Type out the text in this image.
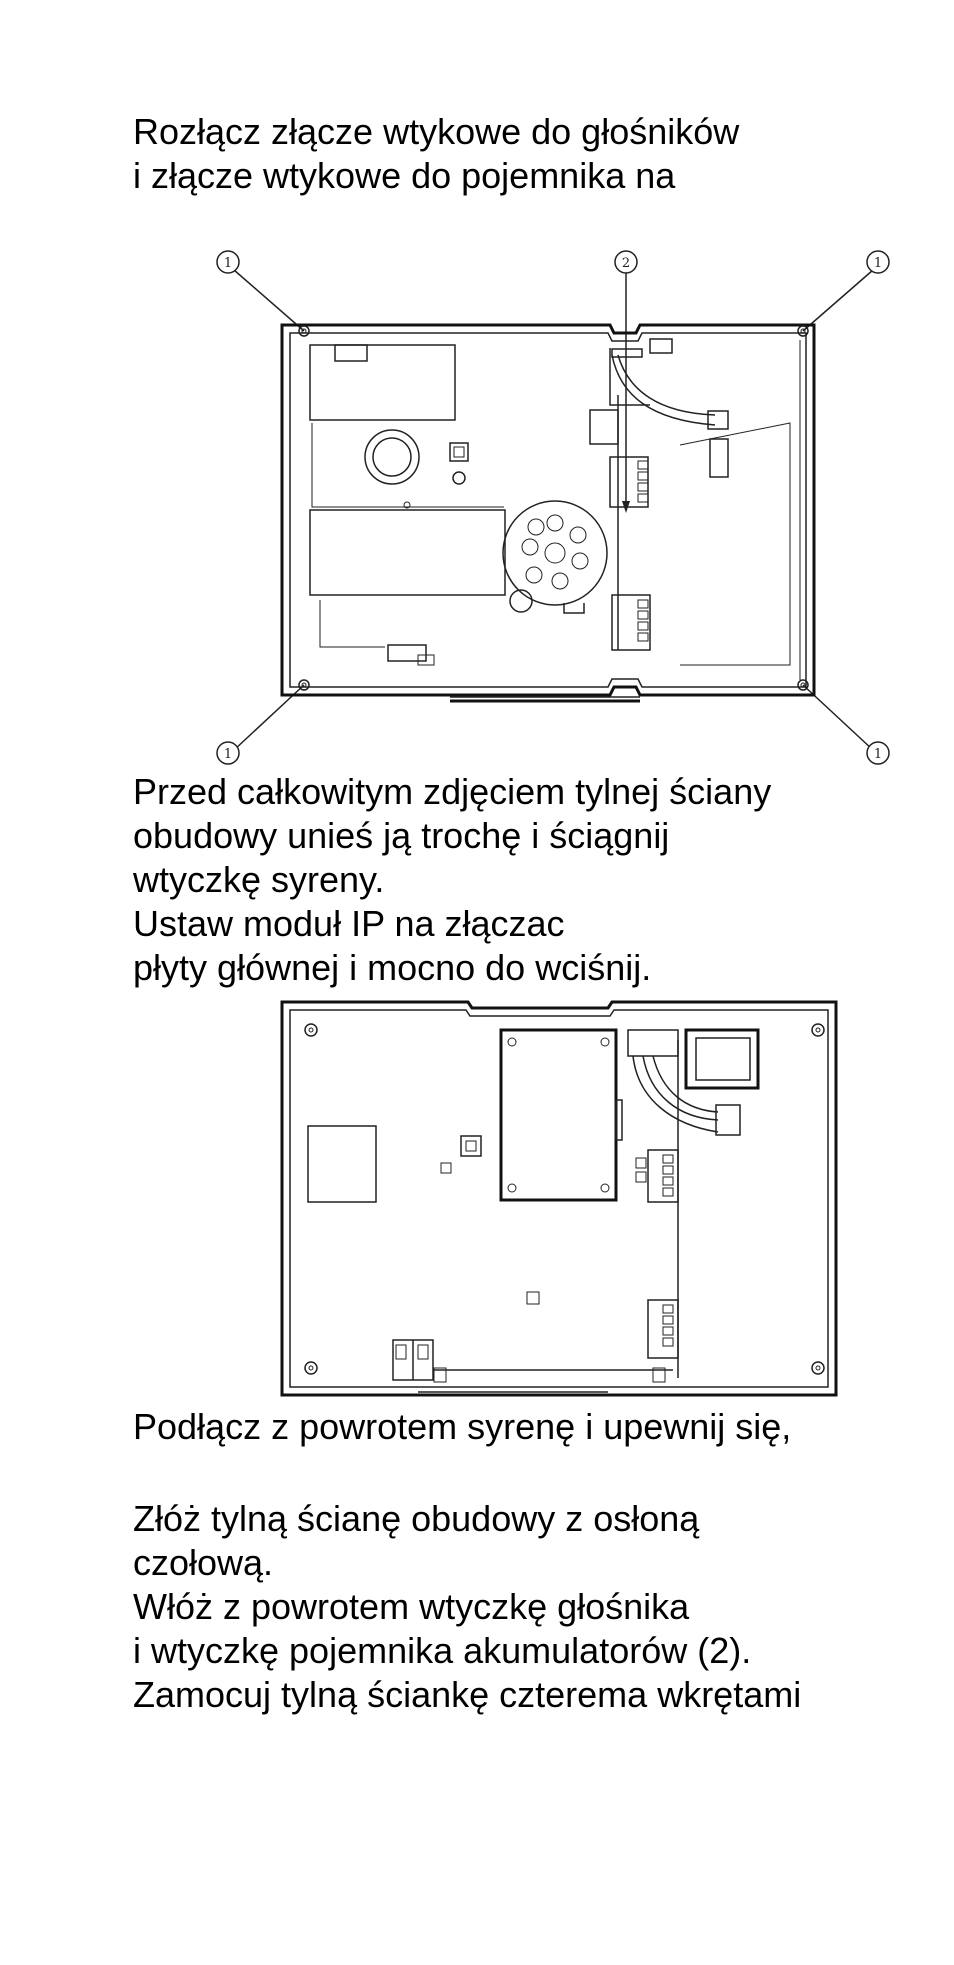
Rozłącz złącze wtykowe do głośników

i złącze wtykowe do pojemnika na

1	2	1
1	1

Przed całkowitym zdjęciem tylnej ściany

obudowy unieś ją trochę i ściągnij

wtyczkę syreny.

Ustaw moduł IP na złączac

płyty głównej i mocno do wciśnij.

Podłącz z powrotem syrenę i upewnij się,

Złóż tylną ścianę obudowy z osłoną

czołową.

Włóż z powrotem wtyczkę głośnika

i wtyczkę pojemnika akumulatorów (2).

Zamocuj tylną ściankę czterema wkrętami
